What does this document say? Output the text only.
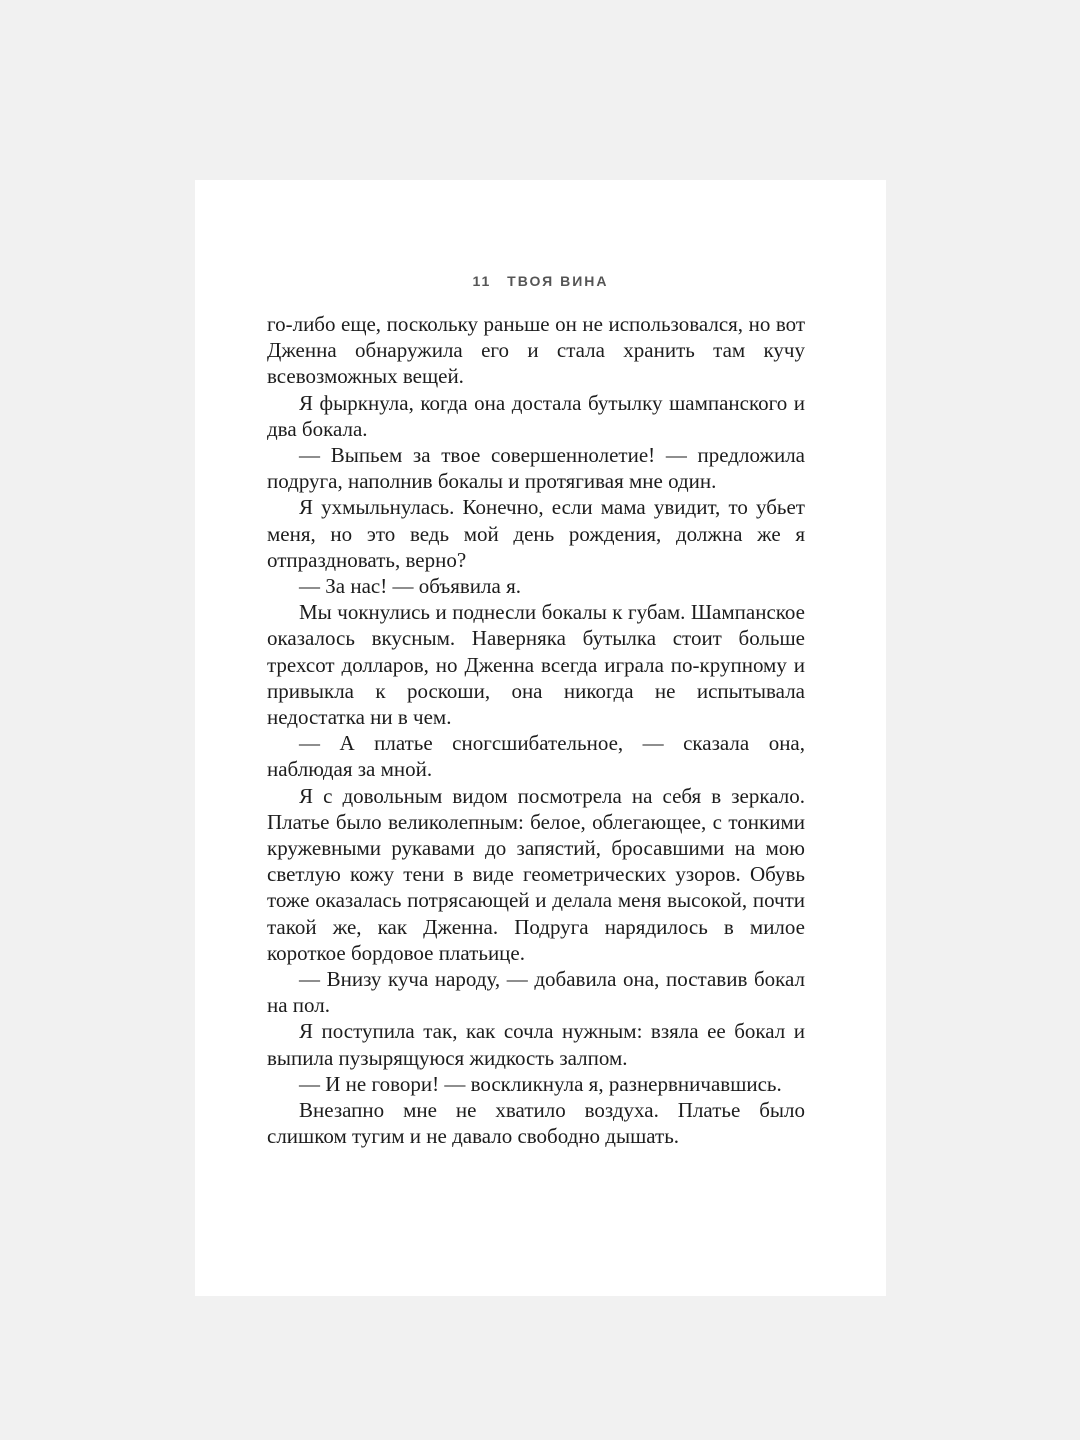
11 ТВОЯ ВИНА

го-либо еще, поскольку раньше он не использовался, но вот Дженна обнаружила его и стала хранить там кучу всевозможных вещей.

Я фыркнула, когда она достала бутылку шампанского и два бокала.

— Выпьем за твое совершеннолетие! — предложила подруга, наполнив бокалы и протягивая мне один.

Я ухмыльнулась. Конечно, если мама увидит, то убьет меня, но это ведь мой день рождения, должна же я отпраздновать, верно?

— За нас! — объявила я.

Мы чокнулись и поднесли бокалы к губам. Шампанское оказалось вкусным. Наверняка бутылка стоит больше трехсот долларов, но Дженна всегда играла по-крупному и привыкла к роскоши, она никогда не испытывала недостатка ни в чем.

— А платье сногсшибательное, — сказала она, наблюдая за мной.

Я с довольным видом посмотрела на себя в зеркало. Платье было великолепным: белое, облегающее, с тонкими кружевными рукавами до запястий, бросавшими на мою светлую кожу тени в виде геометрических узоров. Обувь тоже оказалась потрясающей и делала меня высокой, почти такой же, как Дженна. Подруга нарядилось в милое короткое бордовое платьице.

— Внизу куча народу, — добавила она, поставив бокал на пол.

Я поступила так, как сочла нужным: взяла ее бокал и выпила пузырящуюся жидкость залпом.

— И не говори! — воскликнула я, разнервничавшись.

Внезапно мне не хватило воздуха. Платье было слишком тугим и не давало свободно дышать.
